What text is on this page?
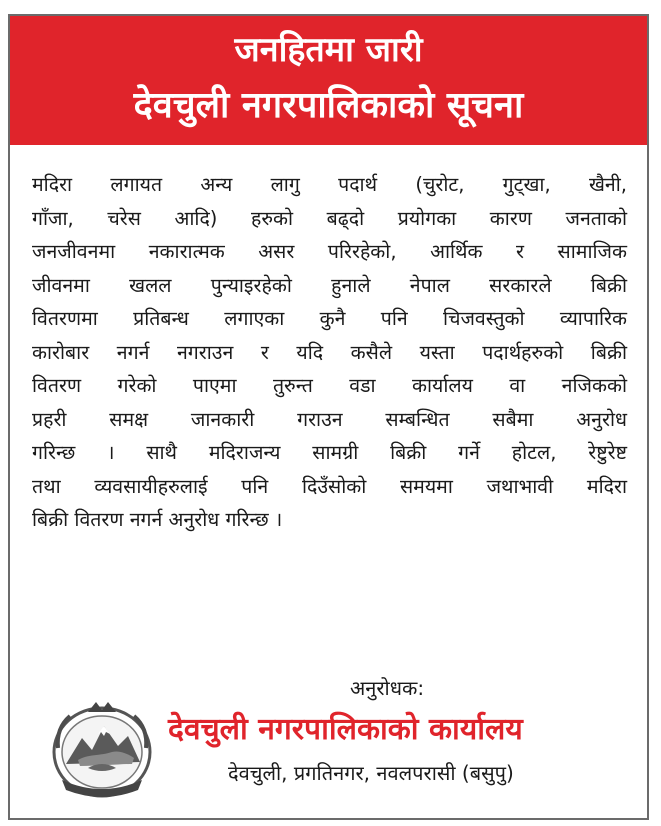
जनहितमा जारी
देवचुली नगरपालिकाको सूचना
मदिरा लगायत अन्य लागु पदार्थ (चुरोट, गुट्खा, खैनी,
गाँजा, चरेस आदि) हरुको बढ्दो प्रयोगका कारण जनताको
जनजीवनमा नकारात्मक असर परिरहेको, आर्थिक र सामाजिक
जीवनमा खलल पुन्याइरहेको हुनाले नेपाल सरकारले बिक्री
वितरणमा प्रतिबन्ध लगाएका कुनै पनि चिजवस्तुको व्यापारिक
कारोबार नगर्न नगराउन र यदि कसैले यस्ता पदार्थहरुको बिक्री
वितरण गरेको पाएमा तुरुन्त वडा कार्यालय वा नजिकको
प्रहरी समक्ष जानकारी गराउन सम्बन्धित सबैमा अनुरोध
गरिन्छ । साथै मदिराजन्य सामग्री बिक्री गर्ने होटल, रेष्टुरेष्ट
तथा व्यवसायीहरुलाई पनि दिउँसोको समयमा जथाभावी मदिरा
बिक्री वितरण नगर्न अनुरोध गरिन्छ ।
अनुरोधक:
देवचुली नगरपालिकाको कार्यालय
देवचुली, प्रगतिनगर, नवलपरासी (बसुपु)
